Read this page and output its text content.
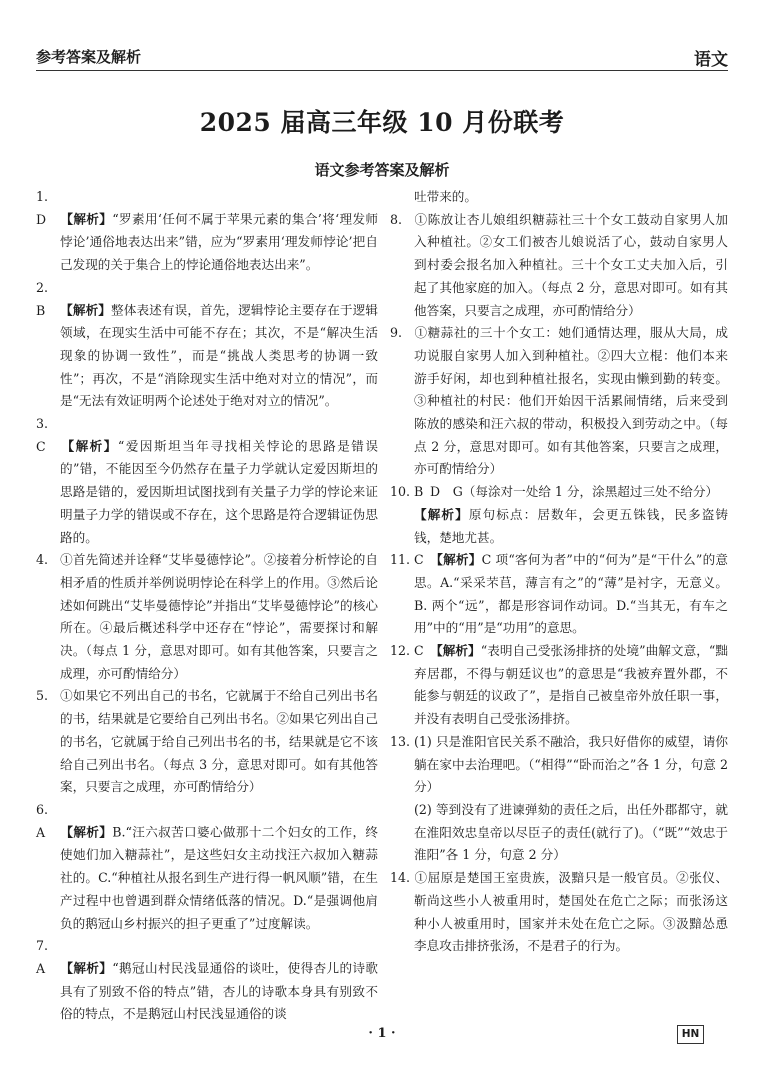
参考答案及解析	语文
2025 届高三年级 10 月份联考
语文参考答案及解析
1. D 【解析】“罗素用‘任何不属于苹果元素的集合’将‘理发师悖论’通俗地表达出来”错，应为“罗素用‘理发师悖论’把自己发现的关于集合上的悖论通俗地表达出来”。
2. B 【解析】整体表述有误，首先，逻辑悖论主要存在于逻辑领域，在现实生活中可能不存在；其次，不是“解决生活现象的协调一致性”，而是“挑战人类思考的协调一致性”；再次，不是“消除现实生活中绝对对立的情况”，而是“无法有效证明两个论述处于绝对对立的情况”。
3. C 【解析】“爱因斯坦当年寻找相关悖论的思路是错误的”错，不能因至今仍然存在量子力学就认定爱因斯坦的思路是错的，爱因斯坦试图找到有关量子力学的悖论来证明量子力学的错误或不存在，这个思路是符合逻辑证伪思路的。
4. ①首先简述并诠释“艾毕曼德悖论”。②接着分析悖论的自相矛盾的性质并举例说明悖论在科学上的作用。③然后论述如何跳出“艾毕曼德悖论”并指出“艾毕曼德悖论”的核心所在。④最后概述科学中还存在“悖论”，需要探讨和解决。（每点 1 分，意思对即可。如有其他答案，只要言之成理，亦可酌情给分）
5. ①如果它不列出自己的书名，它就属于不给自己列出书名的书，结果就是它要给自己列出书名。②如果它列出自己的书名，它就属于给自己列出书名的书，结果就是它不该给自己列出书名。（每点 3 分，意思对即可。如有其他答案，只要言之成理，亦可酌情给分）
6. A 【解析】B.“汪六叔苦口婆心做那十二个妇女的工作，终使她们加入糖蒜社”，是这些妇女主动找汪六叔加入糖蒜社的。C.“种植社从报名到生产进行得一帆风顺”错，在生产过程中也曾遇到群众情绪低落的情况。D.“是强调他肩负的鹅冠山乡村振兴的担子更重了”过度解读。
7. A 【解析】“鹅冠山村民浅显通俗的谈吐，使得杏儿的诗歌具有了别致不俗的特点”错，杏儿的诗歌本身具有别致不俗的特点，不是鹅冠山村民浅显通俗的谈
吐带来的。
8. ①陈放让杏儿娘组织糖蒜社三十个女工鼓动自家男人加入种植社。②女工们被杏儿娘说活了心，鼓动自家男人到村委会报名加入种植社。三十个女工丈夫加入后，引起了其他家庭的加入。（每点 2 分，意思对即可。如有其他答案，只要言之成理，亦可酌情给分）
9. ①糖蒜社的三十个女工：她们通情达理，服从大局，成功说服自家男人加入到种植社。②四大立棍：他们本来游手好闲，却也到种植社报名，实现由懒到勤的转变。③种植社的村民：他们开始因干活累闹情绪，后来受到陈放的感染和汪六叔的带动，积极投入到劳动之中。（每点 2 分，意思对即可。如有其他答案，只要言之成理，亦可酌情给分）
10. B D　G（每涂对一处给 1 分，涂黑超过三处不给分）
【解析】原句标点：居数年，会更五铢钱，民多盗铸钱，楚地尤甚。
11. C 【解析】C 项“客何为者”中的“何为”是“干什么”的意思。A.“采采芣苢，薄言有之”的“薄”是衬字，无意义。B. 两个“远”，都是形容词作动词。D.“当其无，有车之用”中的“用”是“功用”的意思。
12. C 【解析】“表明自己受张汤排挤的处境”曲解文意，“黜弃居郡，不得与朝廷议也”的意思是“我被弃置外郡，不能参与朝廷的议政了”，是指自己被皇帝外放任职一事，并没有表明自己受张汤排挤。
13. (1) 只是淮阳官民关系不融洽，我只好借你的威望，请你躺在家中去治理吧。（“相得”“卧而治之”各 1 分，句意 2 分）
(2) 等到没有了进谏弹劾的责任之后，出任外郡都守，就在淮阳效忠皇帝以尽臣子的责任(就行了)。（“既”“效忠于淮阳”各 1 分，句意 2 分）
14. ①屈原是楚国王室贵族，汲黯只是一般官员。②张仪、靳尚这些小人被重用时，楚国处在危亡之际；而张汤这种小人被重用时，国家并未处在危亡之际。③汲黯怂恿李息攻击排挤张汤，不是君子的行为。
· 1 ·	HN
